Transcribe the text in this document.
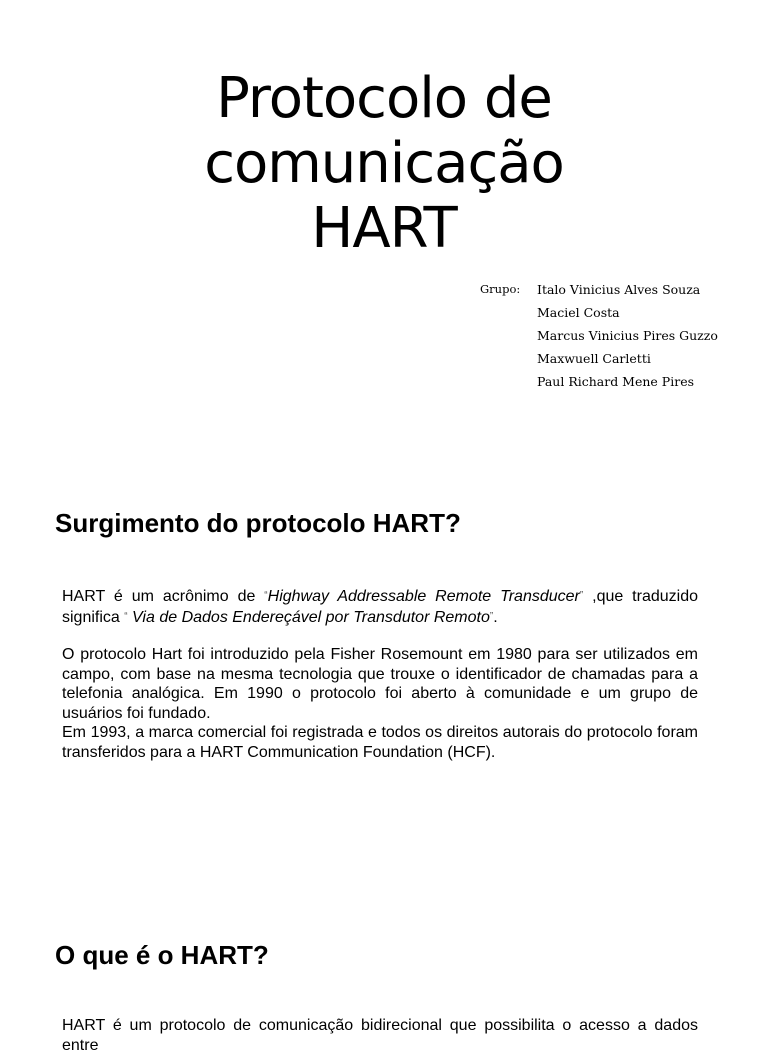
Protocolo de
comunicação
HART
Grupo: Italo Vinicius Alves Souza
Maciel Costa
Marcus Vinicius Pires Guzzo
Maxwuell Carletti
Paul Richard Mene Pires
Surgimento do protocolo HART?

HART é um acrônimo de “Highway Addressable Remote Transducer” ,que traduzido significa “ Via de Dados Endereçável por Transdutor Remoto”.

O protocolo Hart foi introduzido pela Fisher Rosemount em 1980 para ser utilizados em campo, com base na mesma tecnologia que trouxe o identificador de chamadas para a telefonia analógica. Em 1990 o protocolo foi aberto à comunidade e um grupo de usuários foi fundado.

Em 1993, a marca comercial foi registrada e todos os direitos autorais do protocolo foram transferidos para a HART Communication Foundation (HCF).

O que é o HART?

HART é um protocolo de comunicação bidirecional que possibilita o acesso a dados entre
